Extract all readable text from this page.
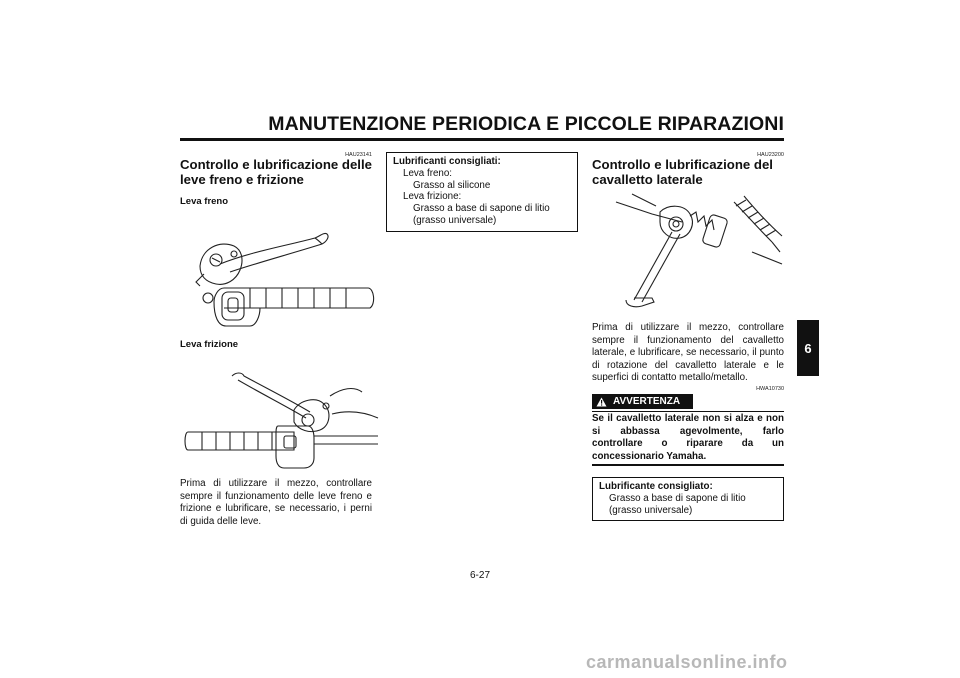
MANUTENZIONE PERIODICA E PICCOLE RIPARAZIONI
6
HAU23141
Controllo e lubrificazione delle leve freno e frizione
Leva freno
Leva frizione
Prima di utilizzare il mezzo, controllare sempre il funzionamento delle leve freno e frizione e lubrificare, se necessario, i perni di guida delle leve.
Lubrificanti consigliati:
Leva freno:
Grasso al silicone
Leva frizione:
Grasso a base di sapone di litio
(grasso universale)
HAU23200
Controllo e lubrificazione del cavalletto laterale
Prima di utilizzare il mezzo, controllare sempre il funzionamento del cavalletto laterale, e lubrificare, se necessario, il punto di rotazione del cavalletto laterale e le superfici di contatto metallo/metallo.
HWA10730
AVVERTENZA
Se il cavalletto laterale non si alza e non si abbassa agevolmente, farlo controllare o riparare da un concessionario Yamaha.
Lubrificante consigliato:
Grasso a base di sapone di litio
(grasso universale)
6-27
carmanualsonline.info
